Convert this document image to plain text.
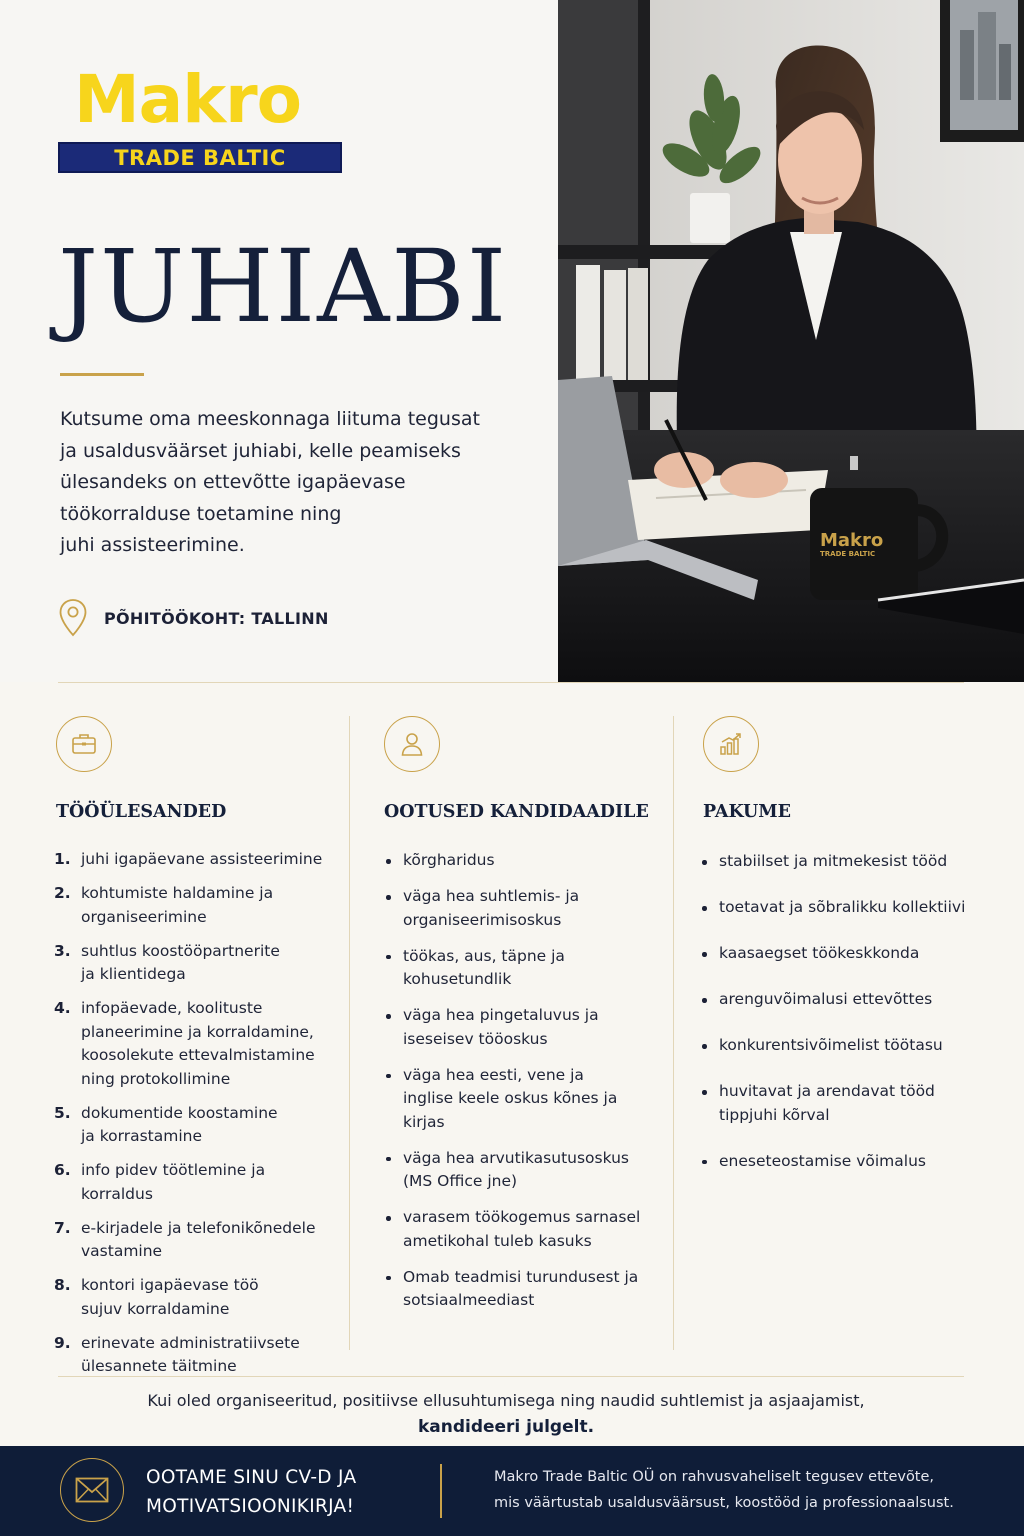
Makro
TRADE BALTIC
JUHIABI

Kutsume oma meeskonnaga liituma tegusat
ja usaldusväärset juhiabi, kelle peamiseks
ülesandeks on ettevõtte igapäevase
töökorralduse toetamine ning
juhi assisteerimine.

PÕHITÖÖKOHT: TALLINN
Makro
TRADE BALTIC
TÖÖÜLESANDED	OOTUSED KANDIDAADILE	PAKUME
1. juhi igapäevane assisteerimine
2. kohtumiste haldamine ja
organiseerimine
3. suhtlus koostööpartnerite
ja klientidega
4. infopäevade, koolituste
planeerimine ja korraldamine,
koosolekute ettevalmistamine
ning protokollimine
5. dokumentide koostamine
ja korrastamine
6. info pidev töötlemine ja
korraldus
7. e-kirjadele ja telefonikõnedele
vastamine
8. kontori igapäevase töö
sujuv korraldamine
9. erinevate administratiivsete
ülesannete täitmine
kõrgharidus
väga hea suhtlemis- ja
organiseerimisoskus
töökas, aus, täpne ja
kohusetundlik
väga hea pingetaluvus ja
iseseisev tööoskus
väga hea eesti, vene ja
inglise keele oskus kõnes ja
kirjas
väga hea arvutikasutusoskus
(MS Office jne)
varasem töökogemus sarnasel
ametikohal tuleb kasuks
Omab teadmisi turundusest ja
sotsiaalmeediast
stabiilset ja mitmekesist tööd
toetavat ja sõbralikku kollektiivi
kaasaegset töökeskkonda
arenguvõimalusi ettevõttes
konkurentsivõimelist töötasu
huvitavat ja arendavat tööd
tippjuhi kõrval
eneseteostamise võimalus
Kui oled organiseeritud, positiivse ellusuhtumisega ning naudid suhtlemist ja asjaajamist,
kandideeri julgelt.
OOTAME SINU CV-D JA
MOTIVATSIOONIKIRJA!
Makro Trade Baltic OÜ on rahvusvaheliselt tegusev ettevõte,
mis väärtustab usaldusväärsust, koostööd ja professionaalsust.
